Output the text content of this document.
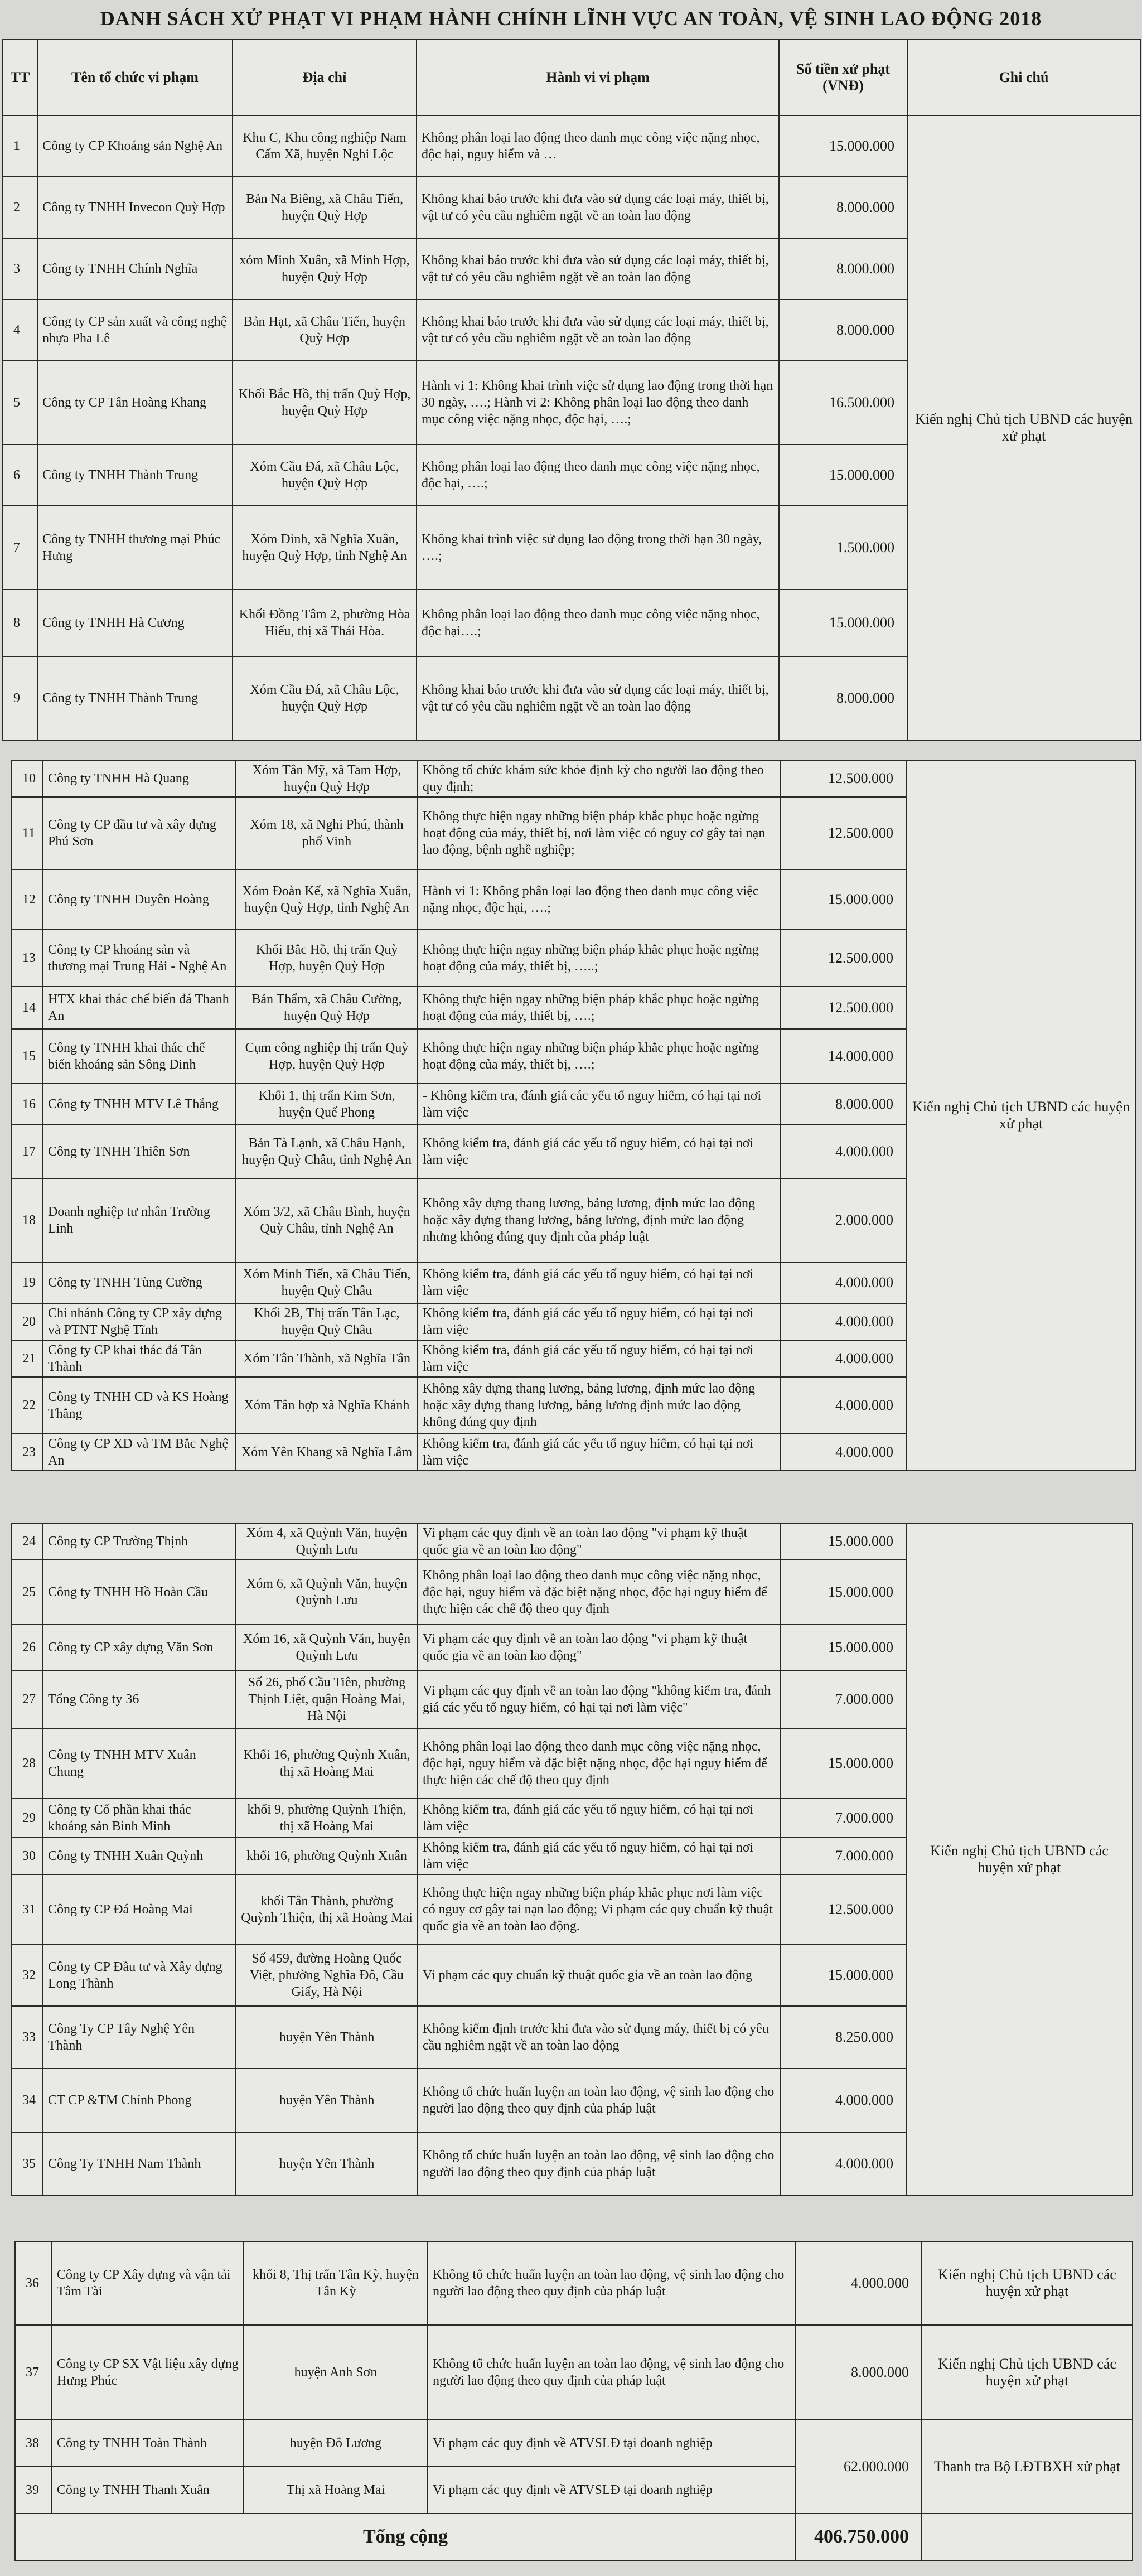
DANH SÁCH XỬ PHẠT VI PHẠM HÀNH CHÍNH LĨNH VỰC AN TOÀN, VỆ SINH LAO ĐỘNG 2018
TT	Tên tổ chức vi phạm	Địa chỉ	Hành vi vi phạm	Số tiền xử phạt (VNĐ)	Ghi chú
1	Công ty CP Khoáng sản Nghệ An	Khu C, Khu công nghiệp Nam Cấm Xã, huyện Nghi Lộc	Không phân loại lao động theo danh mục công việc nặng nhọc, độc hại, nguy hiểm và …	15.000.000	Kiến nghị Chủ tịch UBND các huyện xử phạt
2	Công ty TNHH Invecon Quỳ Hợp	Bản Na Biêng, xã Châu Tiến, huyện Quỳ Hợp	Không khai báo trước khi đưa vào sử dụng các loại máy, thiết bị, vật tư có yêu cầu nghiêm ngặt về an toàn lao động	8.000.000	
3	Công ty TNHH Chính Nghĩa	xóm Minh Xuân, xã Minh Hợp, huyện Quỳ Hợp	Không khai báo trước khi đưa vào sử dụng các loại máy, thiết bị, vật tư có yêu cầu nghiêm ngặt về an toàn lao động	8.000.000	
4	Công ty CP sản xuất và công nghệ nhựa Pha Lê	Bản Hạt, xã Châu Tiến, huyện Quỳ Hợp	Không khai báo trước khi đưa vào sử dụng các loại máy, thiết bị, vật tư có yêu cầu nghiêm ngặt về an toàn lao động	8.000.000	
5	Công ty CP Tân Hoàng Khang	Khối Bắc Hồ, thị trấn Quỳ Hợp, huyện Quỳ Hợp	Hành vi 1: Không khai trình việc sử dụng lao động trong thời hạn 30 ngày, ….; Hành vi 2: Không phân loại lao động theo danh mục công việc nặng nhọc, độc hại, ….;	16.500.000	
6	Công ty TNHH Thành Trung	Xóm Cầu Đá, xã Châu Lộc, huyện Quỳ Hợp	Không phân loại lao động theo danh mục công việc nặng nhọc, độc hại, ….;	15.000.000	
7	Công ty TNHH thương mại Phúc Hưng	Xóm Dinh, xã Nghĩa Xuân, huyện Quỳ Hợp, tỉnh Nghệ An	Không khai trình việc sử dụng lao động trong thời hạn 30 ngày, ….;	1.500.000	
8	Công ty TNHH Hà Cương	Khối Đồng Tâm 2, phường Hòa Hiếu, thị xã Thái Hòa.	Không phân loại lao động theo danh mục công việc nặng nhọc, độc hại….;	15.000.000	
9	Công ty TNHH Thành Trung	Xóm Cầu Đá, xã Châu Lộc, huyện Quỳ Hợp	Không khai báo trước khi đưa vào sử dụng các loại máy, thiết bị, vật tư có yêu cầu nghiêm ngặt về an toàn lao động	8.000.000	
10	Công ty TNHH Hà Quang	Xóm Tân Mỹ, xã Tam Hợp, huyện Quỳ Hợp	Không tổ chức khám sức khỏe định kỳ cho người lao động theo quy định;	12.500.000	Kiến nghị Chủ tịch UBND các huyện xử phạt
11	Công ty CP đầu tư và xây dựng Phú Sơn	Xóm 18, xã Nghi Phú, thành phố Vinh	Không thực hiện ngay những biện pháp khắc phục hoặc ngừng hoạt động của máy, thiết bị, nơi làm việc có nguy cơ gây tai nạn lao động, bệnh nghề nghiệp;	12.500.000	
12	Công ty TNHH Duyên Hoàng	Xóm Đoàn Kế, xã Nghĩa Xuân, huyện Quỳ Hợp, tỉnh Nghệ An	Hành vi 1: Không phân loại lao động theo danh mục công việc nặng nhọc, độc hại, ….;	15.000.000	
13	Công ty CP khoáng sản và thương mại Trung Hải - Nghệ An	Khối Bắc Hồ, thị trấn Quỳ Hợp, huyện Quỳ Hợp	Không thực hiện ngay những biện pháp khắc phục hoặc ngừng hoạt động của máy, thiết bị, …..;	12.500.000	
14	HTX khai thác chế biến đá Thanh An	Bản Thẩm, xã Châu Cường, huyện Quỳ Hợp	Không thực hiện ngay những biện pháp khắc phục hoặc ngừng hoạt động của máy, thiết bị, ….;	12.500.000	
15	Công ty TNHH khai thác chế biến khoáng sản Sông Dinh	Cụm công nghiệp thị trấn Quỳ Hợp, huyện Quỳ Hợp	Không thực hiện ngay những biện pháp khắc phục hoặc ngừng hoạt động của máy, thiết bị, ….;	14.000.000	
16	Công ty TNHH MTV Lê Thắng	Khối 1, thị trấn Kim Sơn, huyện Quế Phong	- Không kiểm tra, đánh giá các yếu tố nguy hiểm, có hại tại nơi làm việc	8.000.000	
17	Công ty TNHH Thiên Sơn	Bản Tà Lạnh, xã Châu Hạnh, huyện Quỳ Châu, tỉnh Nghệ An	Không kiểm tra, đánh giá các yếu tố nguy hiểm, có hại tại nơi làm việc	4.000.000	
18	Doanh nghiệp tư nhân Trường Linh	Xóm 3/2, xã Châu Bình, huyện Quỳ Châu, tỉnh Nghệ An	Không xây dựng thang lương, bảng lương, định mức lao động hoặc xây dựng thang lương, bảng lương, định mức lao động nhưng không đúng quy định của pháp luật	2.000.000	
19	Công ty TNHH Tùng Cường	Xóm Minh Tiến, xã Châu Tiến, huyện Quỳ Châu	Không kiểm tra, đánh giá các yếu tố nguy hiểm, có hại tại nơi làm việc	4.000.000	
20	Chi nhánh Công ty CP xây dựng và PTNT Nghệ Tĩnh	Khối 2B, Thị trấn Tân Lạc, huyện Quỳ Châu	Không kiểm tra, đánh giá các yếu tố nguy hiểm, có hại tại nơi làm việc	4.000.000	
21	Công ty CP khai thác đá Tân Thành	Xóm Tân Thành, xã Nghĩa Tân	Không kiểm tra, đánh giá các yếu tố nguy hiểm, có hại tại nơi làm việc	4.000.000	
22	Công ty TNHH CD và KS Hoàng Thắng	Xóm Tân hợp xã Nghĩa Khánh	Không xây dựng thang lương, bảng lương, định mức lao động hoặc xây dựng thang lương, bảng lương định mức lao động không đúng quy định	4.000.000	
23	Công ty CP XD và TM Bắc Nghệ An	Xóm Yên Khang xã Nghĩa Lâm	Không kiểm tra, đánh giá các yếu tố nguy hiểm, có hại tại nơi làm việc	4.000.000	
24	Công ty CP Trường Thịnh	Xóm 4, xã Quỳnh Văn, huyện Quỳnh Lưu	Vi phạm các quy định về an toàn lao động "vi phạm kỹ thuật quốc gia về an toàn lao động"	15.000.000	Kiến nghị Chủ tịch UBND các huyện xử phạt
25	Công ty TNHH Hồ Hoàn Cầu	Xóm 6, xã Quỳnh Văn, huyện Quỳnh Lưu	Không phân loại lao động theo danh mục công việc nặng nhọc, độc hại, nguy hiểm và đặc biệt nặng nhọc, độc hại nguy hiểm để thực hiện các chế độ theo quy định	15.000.000	
26	Công ty CP xây dựng Văn Sơn	Xóm 16, xã Quỳnh Văn, huyện Quỳnh Lưu	Vi phạm các quy định về an toàn lao động "vi phạm kỹ thuật quốc gia về an toàn lao động"	15.000.000	
27	Tổng Công ty 36	Số 26, phố Cầu Tiên, phường Thịnh Liệt, quận Hoàng Mai, Hà Nội	Vi phạm các quy định về an toàn lao động "không kiểm tra, đánh giá các yếu tố nguy hiểm, có hại tại nơi làm việc"	7.000.000	
28	Công ty TNHH MTV Xuân Chung	Khối 16, phường Quỳnh Xuân, thị xã Hoàng Mai	Không phân loại lao động theo danh mục công việc nặng nhọc, độc hại, nguy hiểm và đặc biệt nặng nhọc, độc hại nguy hiểm để thực hiện các chế độ theo quy định	15.000.000	
29	Công ty Cổ phần khai thác khoáng sản Bình Minh	khối 9, phường Quỳnh Thiện, thị xã Hoàng Mai	Không kiểm tra, đánh giá các yếu tố nguy hiểm, có hại tại nơi làm việc	7.000.000	
30	Công ty TNHH Xuân Quỳnh	khối 16, phường Quỳnh Xuân	Không kiểm tra, đánh giá các yếu tố nguy hiểm, có hại tại nơi làm việc	7.000.000	
31	Công ty CP Đá Hoàng Mai	khối Tân Thành, phường Quỳnh Thiện, thị xã Hoàng Mai	Không thực hiện ngay những biện pháp khắc phục nơi làm việc có nguy cơ gây tai nạn lao động; Vi phạm các quy chuẩn kỹ thuật quốc gia về an toàn lao động.	12.500.000	
32	Công ty CP Đầu tư và Xây dựng Long Thành	Số 459, đường Hoàng Quốc Việt, phường Nghĩa Đô, Cầu Giấy, Hà Nội	Vi phạm các quy chuẩn kỹ thuật quốc gia về an toàn lao động	15.000.000	
33	Công Ty CP Tây Nghệ Yên Thành	huyện Yên Thành	Không kiểm định trước khi đưa vào sử dụng máy, thiết bị có yêu cầu nghiêm ngặt về an toàn lao động	8.250.000	
34	CT CP &TM Chính Phong	huyện Yên Thành	Không tổ chức huấn luyện an toàn lao động, vệ sinh lao động cho người lao động theo quy định của pháp luật	4.000.000	
35	Công Ty TNHH Nam Thành	huyện Yên Thành	Không tổ chức huấn luyện an toàn lao động, vệ sinh lao động cho người lao động theo quy định của pháp luật	4.000.000	
36	Công ty CP Xây dựng và vận tải Tâm Tài	khối 8, Thị trấn Tân Kỳ, huyện Tân Kỳ	Không tổ chức huấn luyện an toàn lao động, vệ sinh lao động cho người lao động theo quy định của pháp luật	4.000.000	Kiến nghị Chủ tịch UBND các huyện xử phạt
37	Công ty CP SX Vật liệu xây dựng Hưng Phúc	huyện Anh Sơn	Không tổ chức huấn luyện an toàn lao động, vệ sinh lao động cho người lao động theo quy định của pháp luật	8.000.000	Kiến nghị Chủ tịch UBND các huyện xử phạt
38	Công ty TNHH Toàn Thành	huyện Đô Lương	Vi phạm các quy định về ATVSLĐ tại doanh nghiệp	62.000.000	Thanh tra Bộ LĐTBXH xử phạt
39	Công ty TNHH Thanh Xuân	Thị xã Hoàng Mai	Vi phạm các quy định về ATVSLĐ tại doanh nghiệp		
Tổng cộng				406.750.000	
